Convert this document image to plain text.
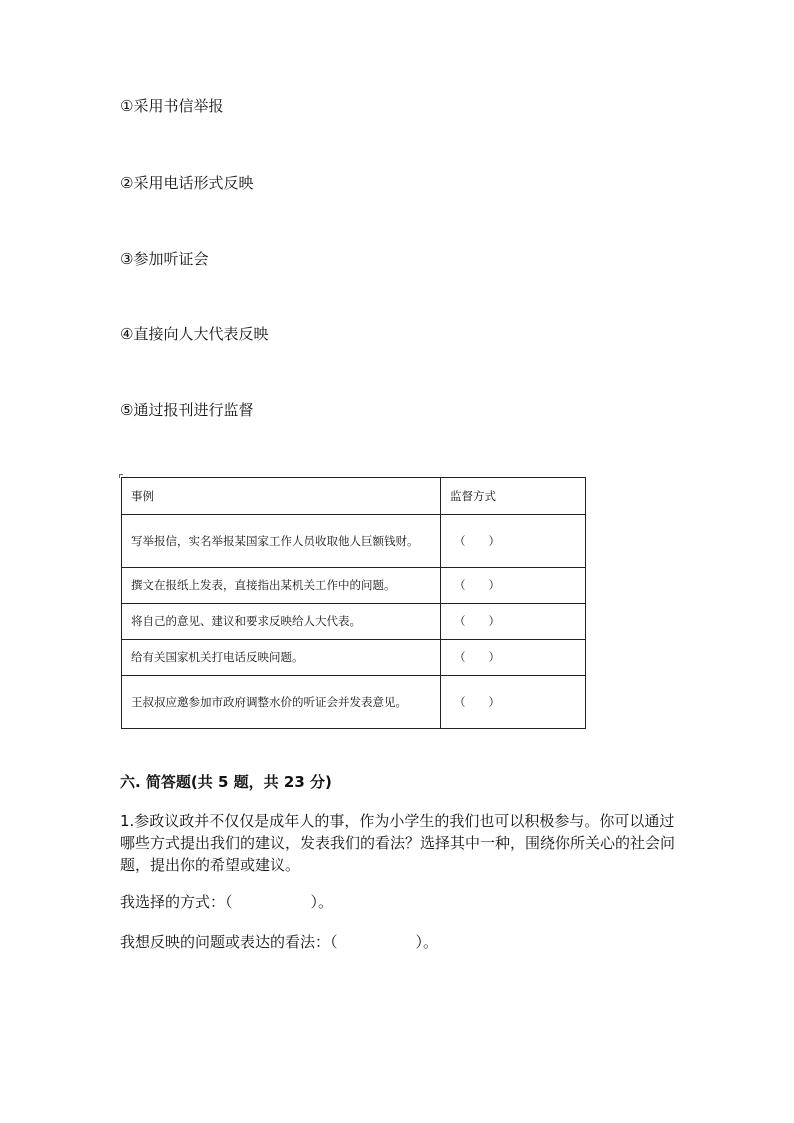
①采用书信举报
②采用电话形式反映
③参加听证会
④直接向人大代表反映
⑤通过报刊进行监督
事例	监督方式
写举报信，实名举报某国家工作人员收取他人巨额钱财。	（　　）
撰文在报纸上发表，直接指出某机关工作中的问题。	（　　）
将自己的意见、建议和要求反映给人大代表。	（　　）
给有关国家机关打电话反映问题。	（　　）
王叔叔应邀参加市政府调整水价的听证会并发表意见。	（　　）
六. 简答题(共 5 题，共 23 分)
1.参政议政并不仅仅是成年人的事，作为小学生的我们也可以积极参与。你可以通过哪些方式提出我们的建议，发表我们的看法？选择其中一种，围绕你所关心的社会问题，提出你的希望或建议。
我选择的方式：（	）。
我想反映的问题或表达的看法：（	）。
